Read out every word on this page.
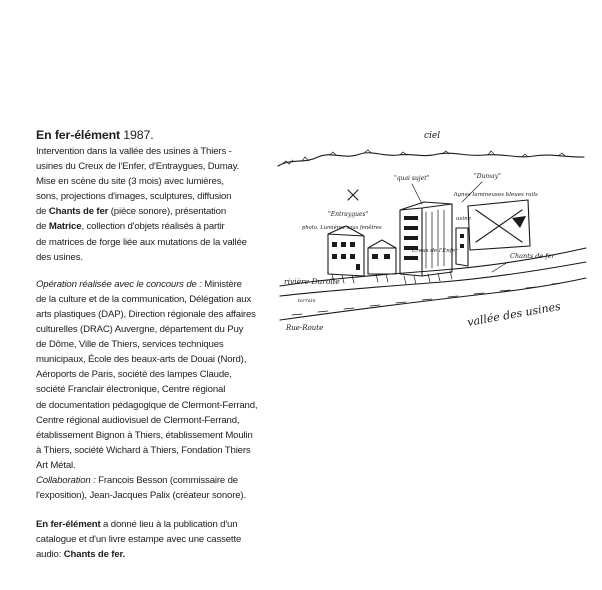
En fer-élément 1987.

Intervention dans la vallée des usines à Thiers -

usines du Creux de l'Enfer, d'Entraygues, Dumay.

Mise en scène du site (3 mois) avec lumières,

sons, projections d'images, sculptures, diffusion

de Chants de fer (pièce sonore), présentation

de Matrice, collection d'objets réalisés à partir

de matrices de forge liée aux mutations de la vallée

des usines.

Opération réalisée avec le concours de : Ministère

de la culture et de la communication, Délégation aux

arts plastiques (DAP), Direction régionale des affaires

culturelles (DRAC) Auvergne, département du Puy

de Dôme, Ville de Thiers, services techniques

municipaux, École des beaux-arts de Douai (Nord),

Aéroports de Paris, société des lampes Claude,

société Franclair électronique, Centre régional

de documentation pédagogique de Clermont-Ferrand,

Centre régional audiovisuel de Clermont-Ferrand,

établissement Bignon à Thiers, établissement Moulin

à Thiers, société Wichard à Thiers, Fondation Thiers

Art Métal.

Collaboration : Francois Besson (commissaire de

l'exposition), Jean-Jacques Palix (créateur sonore).

En fer-élément a donné lieu à la publication d'un

catalogue et d'un livre estampe avec une cassette

audio: Chants de fer.

ciel
"quai sujet"	"Dumay"
lignes lumineuses bleues rails
"Entraygues"
photo. Lumières sous fenêtres
Creux de l'Enfer
usine
Chants de fer
rivière Durolle
Rue-Route
terrain	vallée des usines
